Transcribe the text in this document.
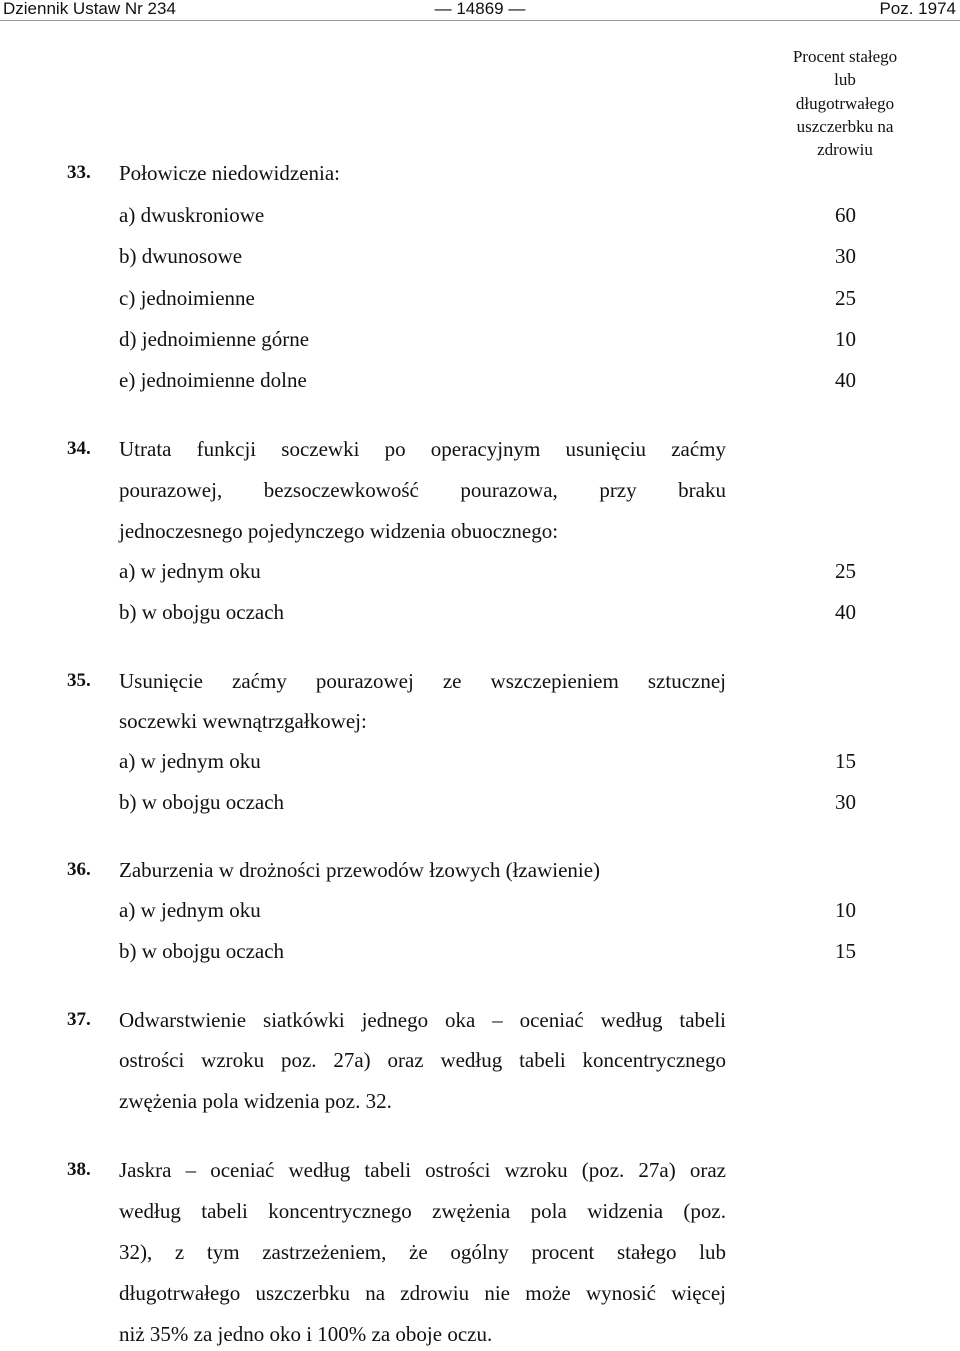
Dziennik Ustaw Nr 234	— 14869 —	Poz. 1974
Procent stałego
lub
długotrwałego
uszczerbku na
zdrowiu
33. Połowicze niedowidzenia:
a) dwuskroniowe	60
b) dwunosowe	30
c) jednoimienne	25
d) jednoimienne górne	10
e) jednoimienne dolne	40
34. Utrata funkcji soczewki po operacyjnym usunięciu zaćmy
pourazowej, bezsoczewkowość pourazowa, przy braku
jednoczesnego pojedynczego widzenia obuocznego:
a) w jednym oku	25
b) w obojgu oczach	40
35. Usunięcie zaćmy pourazowej ze wszczepieniem sztucznej
soczewki wewnątrzgałkowej:
a) w jednym oku	15
b) w obojgu oczach	30
36. Zaburzenia w drożności przewodów łzowych (łzawienie)
a) w jednym oku	10
b) w obojgu oczach	15
37. Odwarstwienie siatkówki jednego oka – oceniać według tabeli
ostrości wzroku poz. 27a) oraz według tabeli koncentrycznego
zwężenia pola widzenia poz. 32.
38. Jaskra – oceniać według tabeli ostrości wzroku (poz. 27a) oraz
według tabeli koncentrycznego zwężenia pola widzenia (poz.
32), z tym zastrzeżeniem, że ogólny procent stałego lub
długotrwałego uszczerbku na zdrowiu nie może wynosić więcej
niż 35% za jedno oko i 100% za oboje oczu.
